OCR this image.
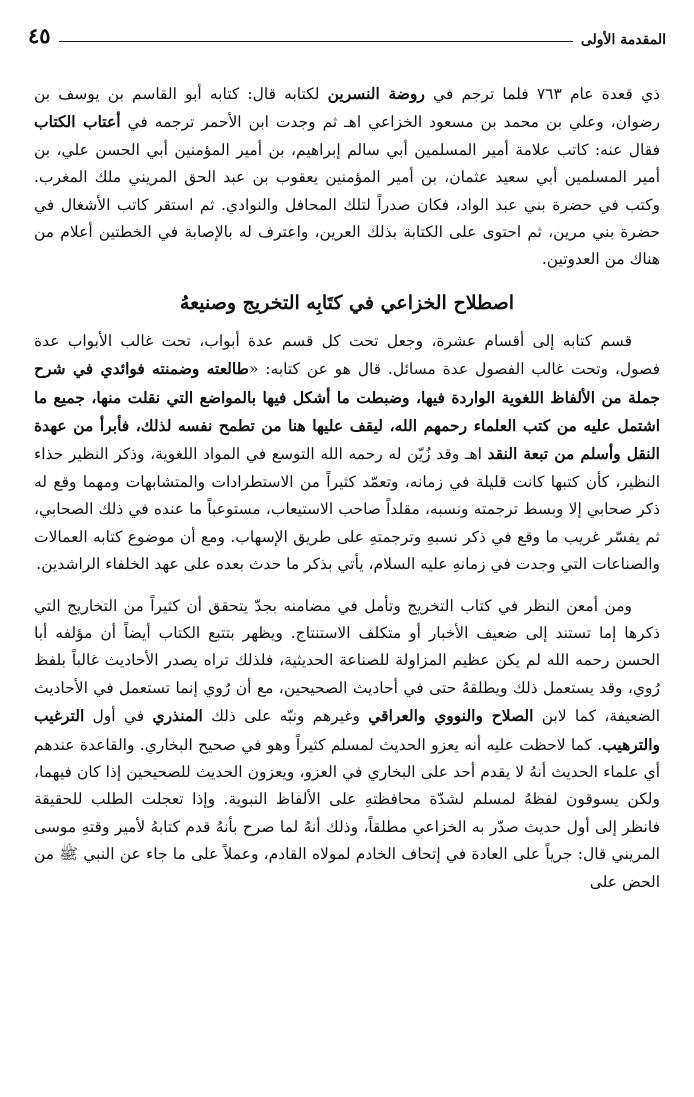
المقدمة الأولى
٤٥

ذي قعدة عام ٧٦٣ فلما ترجم في روضة النسرين لكتابه قال: كتابه أبو القاسم بن يوسف بن رضوان، وعلي بن محمد بن مسعود الخزاعي اهـ ثم وجدت ابن الأحمر ترجمه في أعتاب الكتاب فقال عنه: كاتب علامة أمير المسلمين أبي سالم إبراهيم، بن أمير المؤمنين أبي الحسن علي، بن أمير المسلمين أبي سعيد عثمان، بن أمير المؤمنين يعقوب بن عبد الحق المريني ملك المغرب. وكتب في حضرة بني عبد الواد، فكان صدراً لتلك المحافل والنوادي. ثم استقر كاتب الأشغال في حضرة بني مرين، ثم احتوى على الكتابة بذلك العرين، واعترف له بالإصابة في الخطتين أعلام من هناك من العدوتين.

اصطلاح الخزاعي في كتَابِه التخريج وصنيعهُ

قسم كتابه إلى أقسام عشرة، وجعل تحت كل قسم عدة أبواب، تحت غالب الأبواب عدة فصول، وتحت غالب الفصول عدة مسائل. قال هو عن كتابه: «طالعته وضمنته فوائدي في شرح جملة من الألفاظ اللغوية الواردة فيها، وضبطت ما أشكل فيها بالمواضع التي نقلت منها، جميع ما اشتمل عليه من كتب العلماء رحمهم الله، ليقف عليها هنا من تطمح نفسه لذلك، فأبرأ من عهدة النقل وأسلم من تبعة النقد اهـ وقد زُيّن له رحمه الله التوسع في المواد اللغوية، وذكر النظير حذاء النظير، كأن كتبها كانت قليلة في زمانه، وتعمّد كثيراً من الاستطرادات والمتشابهات ومهما وقع له ذكر صحابي إلا وبسط ترجمته ونسبه، مقلداً صاحب الاستيعاب، مستوعباً ما عنده في ذلك الصحابي، ثم يفسّر غريب ما وقع في ذكر نسبهِ وترجمتهِ على طريق الإسهاب. ومع أن موضوع كتابه العمالات والصناعات التي وجدت في زمانهِ عليه السلام، يأتي بذكر ما حدث بعده على عهد الخلفاء الراشدين.

ومن أمعن النظر في كتاب التخريج وتأمل في مضامنه بجدّ يتحقق أن كثيراً من التخاريج التي ذكرها إما تستند إلى ضعيف الأخبار أو متكلف الاستنتاج. ويظهر بتتبع الكتاب أيضاً أن مؤلفه أبا الحسن رحمه الله لم يكن عظيم المزاولة للصناعة الحديثية، فلذلك تراه يصدر الأحاديث غالباً بلفظ رُوي، وقد يستعمل ذلك ويطلقهُ حتى في أحاديث الصحيحين، مع أن رُوي إنما تستعمل في الأحاديث الضعيفة، كما لابن الصلاح والنووي والعراقي وغيرهم ونبّه على ذلك المنذري في أول الترغيب والترهيب. كما لاحظت عليه أنه يعزو الحديث لمسلم كثيراً وهو في صحيح البخاري. والقاعدة عندهم أي علماء الحديث أنهُ لا يقدم أحد على البخاري في العزو، ويعزون الحديث للصحيحين إذا كان فيهما، ولكن يسوقون لفظهُ لمسلم لشدّة محافظتهِ على الألفاظ النبوية. وإذا تعجلت الطلب للحقيقة فانظر إلى أول حديث صدّر به الخزاعي مطلقاً، وذلك أنهُ لما صرح بأنهُ قدم كتابهُ لأمير وقتهِ موسى المريني قال: جرياً على العادة في إتحاف الخادم لمولاه القادم، وعملاً على ما جاء عن النبي ﷺ من الحض على
